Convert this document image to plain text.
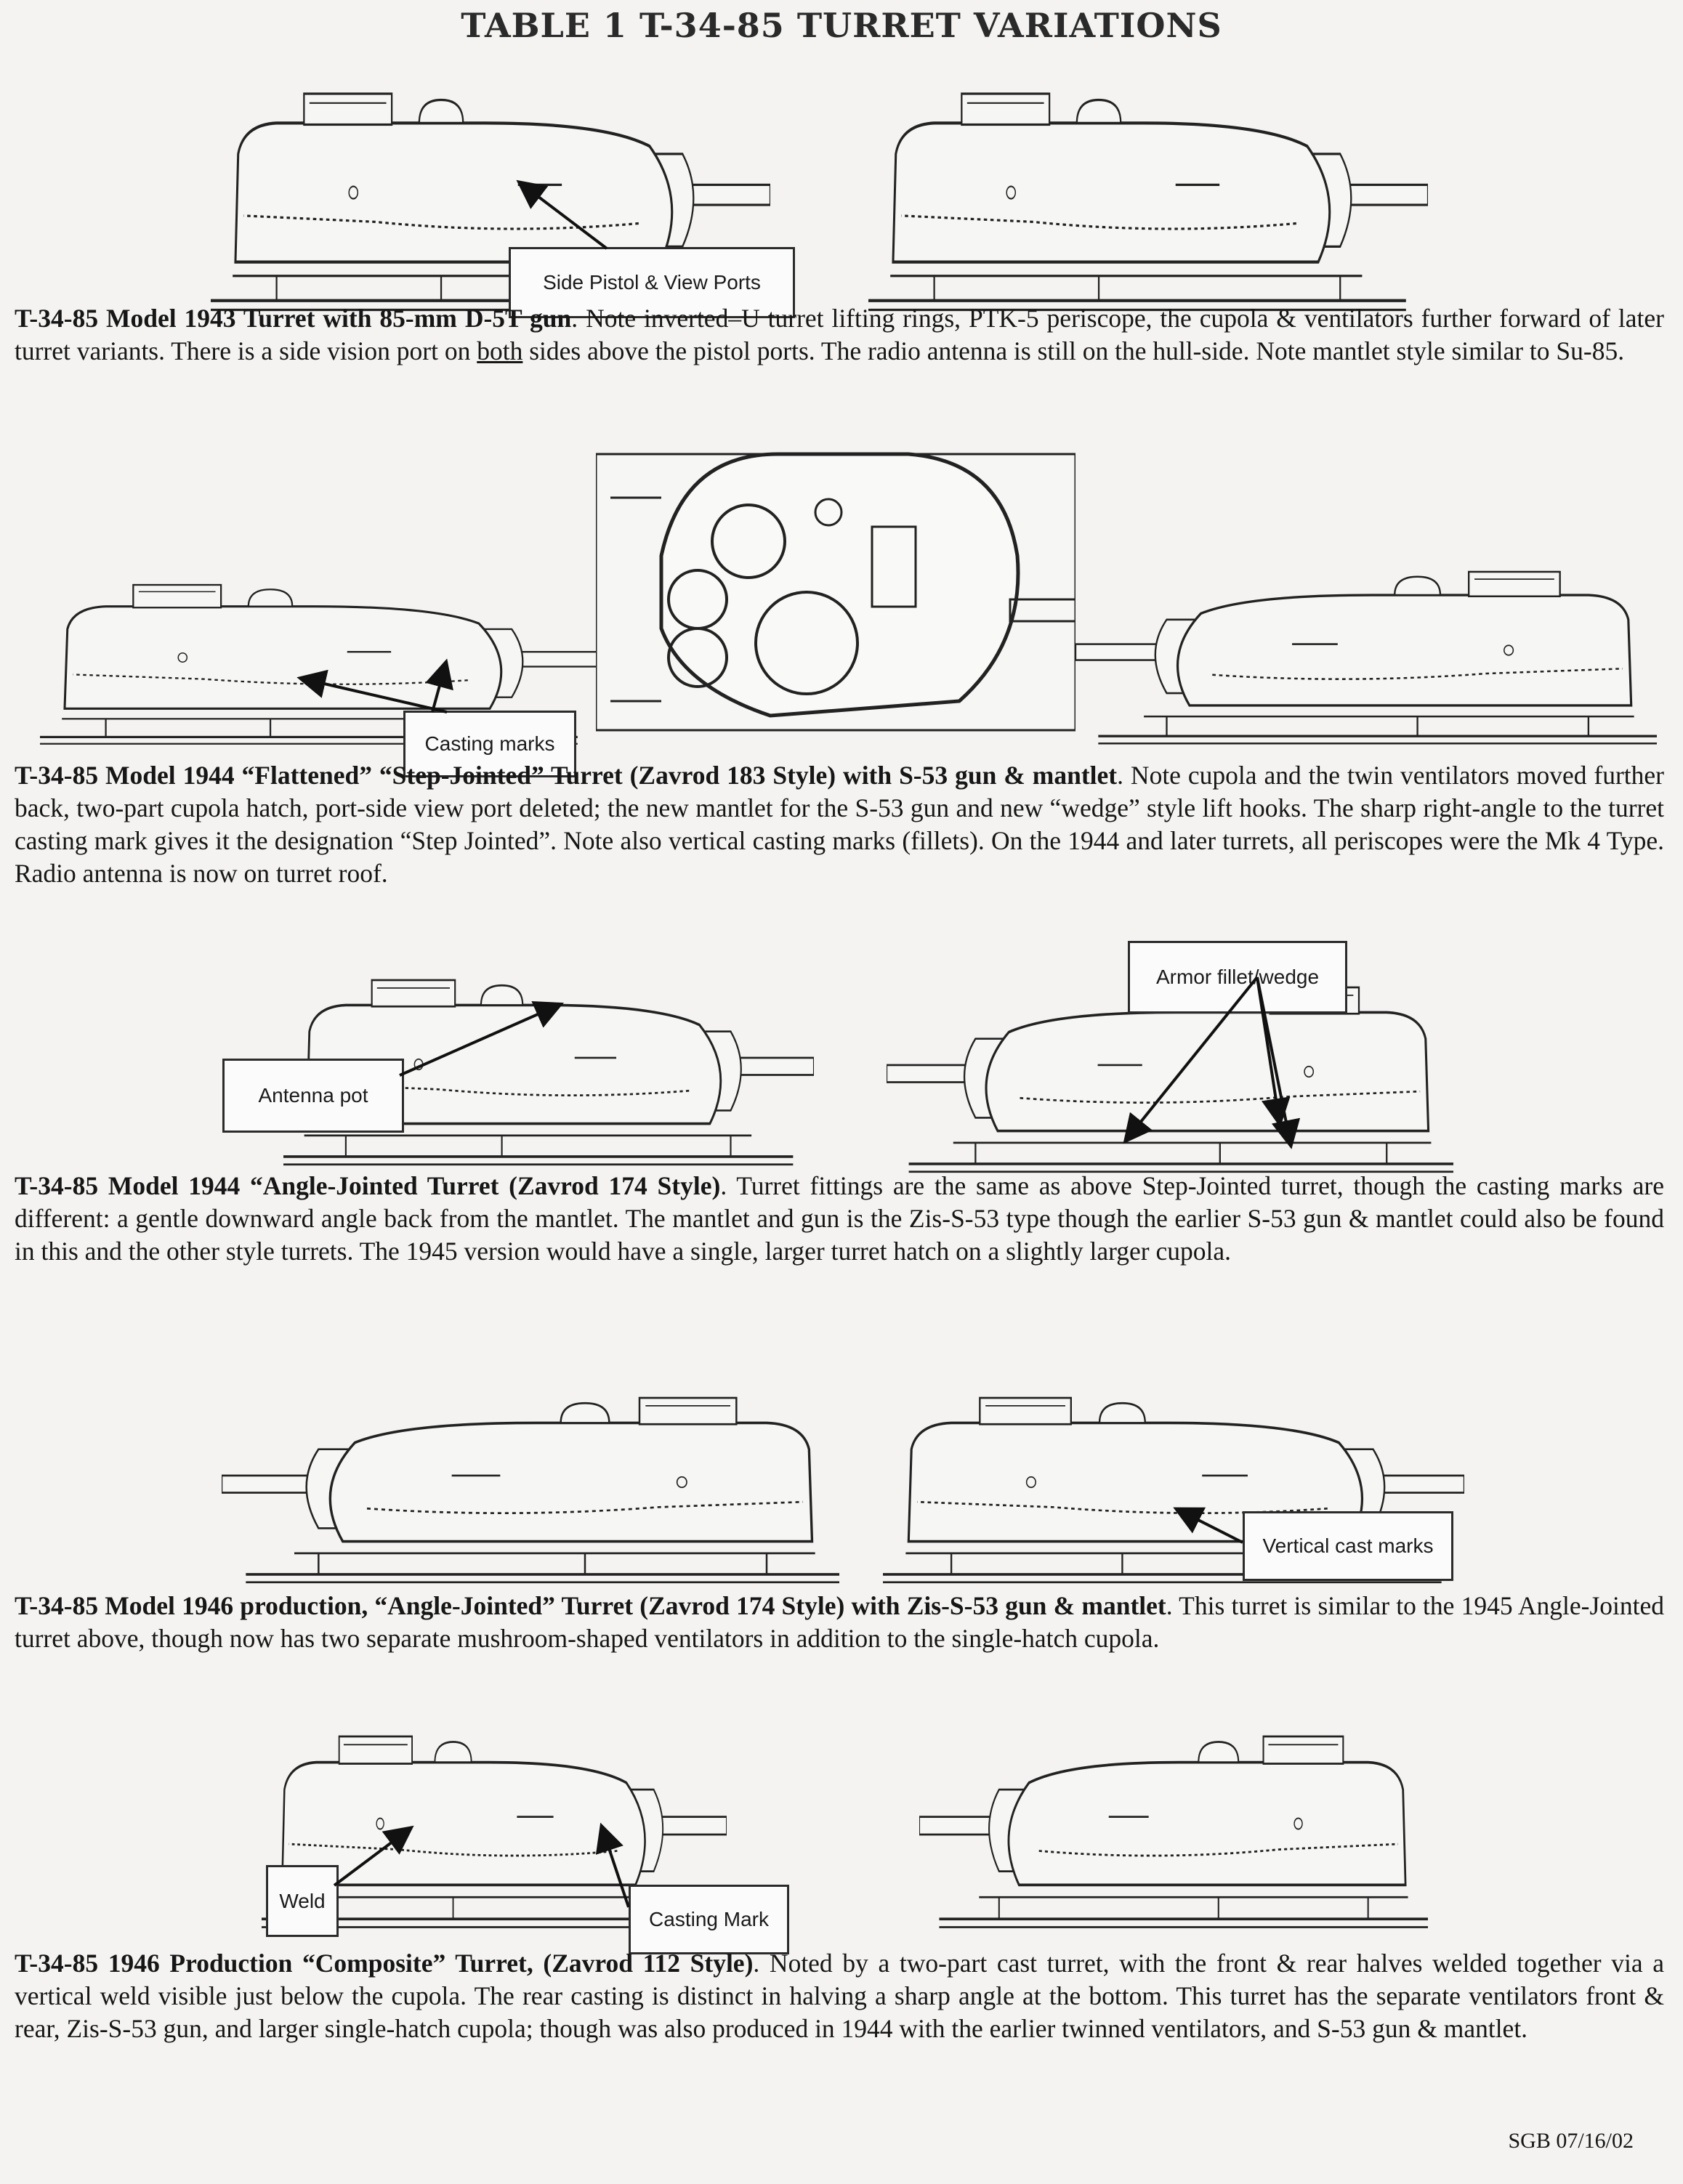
TABLE 1 T-34-85 TURRET VARIATIONS
Side Pistol & View Ports

T-34-85 Model 1943 Turret with 85-mm D-5T gun. Note inverted–U turret lifting rings, PTK-5 periscope, the cupola & ventilators further forward of later turret variants. There is a side vision port on both sides above the pistol ports. The radio antenna is still on the hull-side. Note mantlet style similar to Su-85.

Casting marks

T-34-85 Model 1944 “Flattened” “Step-Jointed” Turret (Zavrod 183 Style) with S-53 gun & mantlet. Note cupola and the twin ventilators moved further back, two-part cupola hatch, port-side view port deleted; the new mantlet for the S-53 gun and new “wedge” style lift hooks. The sharp right-angle to the turret casting mark gives it the designation “Step Jointed”. Note also vertical casting marks (fillets). On the 1944 and later turrets, all periscopes were the Mk 4 Type. Radio antenna is now on turret roof.

Antenna pot
Armor fillet/wedge

T-34-85 Model 1944 “Angle-Jointed Turret (Zavrod 174 Style). Turret fittings are the same as above Step-Jointed turret, though the casting marks are different: a gentle downward angle back from the mantlet. The mantlet and gun is the Zis-S-53 type though the earlier S-53 gun & mantlet could also be found in this and the other style turrets. The 1945 version would have a single, larger turret hatch on a slightly larger cupola.

Vertical cast marks

T-34-85 Model 1946 production, “Angle-Jointed” Turret (Zavrod 174 Style) with Zis-S-53 gun & mantlet. This turret is similar to the 1945 Angle-Jointed turret above, though now has two separate mushroom-shaped ventilators in addition to the single-hatch cupola.

Weld
Casting Mark

T-34-85 1946 Production “Composite” Turret, (Zavrod 112 Style). Noted by a two-part cast turret, with the front & rear halves welded together via a vertical weld visible just below the cupola. The rear casting is distinct in halving a sharp angle at the bottom. This turret has the separate ventilators front & rear, Zis-S-53 gun, and larger single-hatch cupola; though was also produced in 1944 with the earlier twinned ventilators, and S-53 gun & mantlet.

SGB 07/16/02
